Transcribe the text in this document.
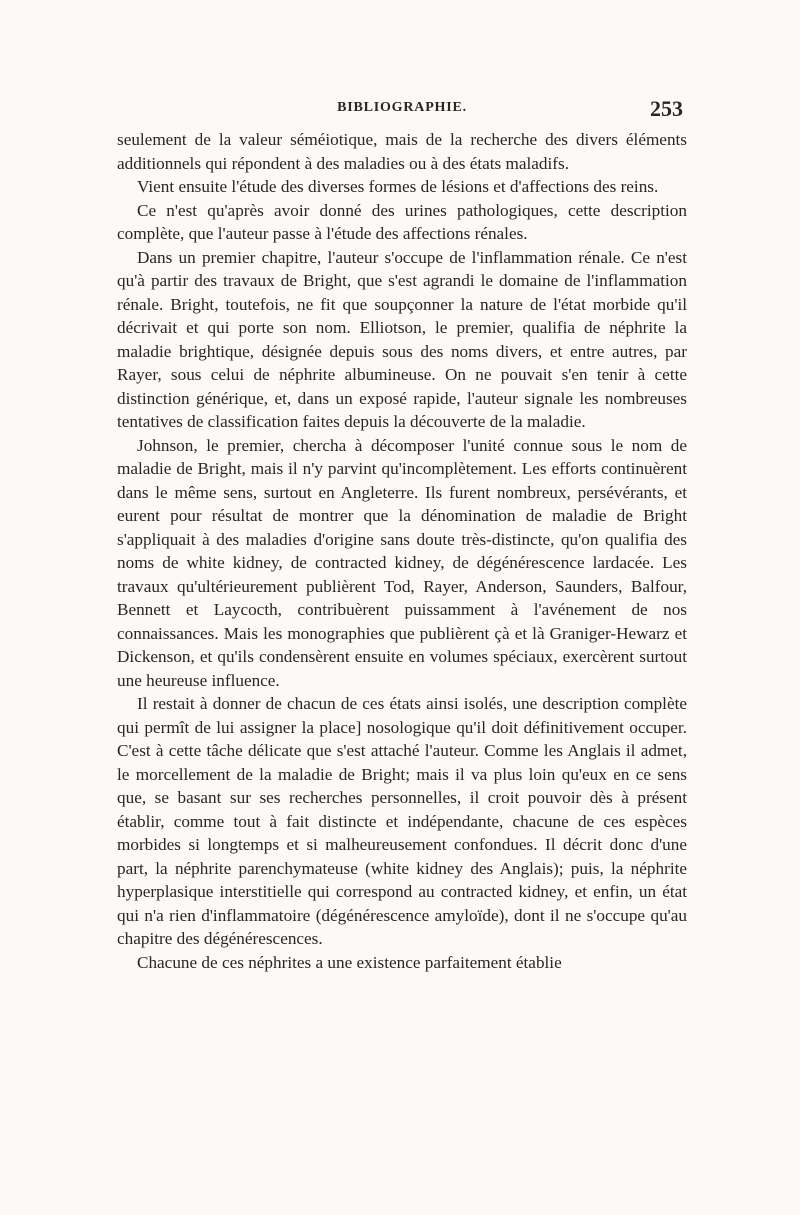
BIBLIOGRAPHIE.	253

seulement de la valeur séméiotique, mais de la recherche des divers éléments additionnels qui répondent à des maladies ou à des états maladifs.

Vient ensuite l'étude des diverses formes de lésions et d'affections des reins.

Ce n'est qu'après avoir donné des urines pathologiques, cette description complète, que l'auteur passe à l'étude des affections rénales.

Dans un premier chapitre, l'auteur s'occupe de l'inflammation rénale. Ce n'est qu'à partir des travaux de Bright, que s'est agrandi le domaine de l'inflammation rénale. Bright, toutefois, ne fit que soupçonner la nature de l'état morbide qu'il décrivait et qui porte son nom. Elliotson, le premier, qualifia de néphrite la maladie brightique, désignée depuis sous des noms divers, et entre autres, par Rayer, sous celui de néphrite albumineuse. On ne pouvait s'en tenir à cette distinction générique, et, dans un exposé rapide, l'auteur signale les nombreuses tentatives de classification faites depuis la découverte de la maladie.

Johnson, le premier, chercha à décomposer l'unité connue sous le nom de maladie de Bright, mais il n'y parvint qu'incomplètement. Les efforts continuèrent dans le même sens, surtout en Angleterre. Ils furent nombreux, persévérants, et eurent pour résultat de montrer que la dénomination de maladie de Bright s'appliquait à des maladies d'origine sans doute très-distincte, qu'on qualifia des noms de white kidney, de contracted kidney, de dégénérescence lardacée. Les travaux qu'ultérieurement publièrent Tod, Rayer, Anderson, Saunders, Balfour, Bennett et Laycocth, contribuèrent puissamment à l'avénement de nos connaissances. Mais les monographies que publièrent çà et là Graniger-Hewarz et Dickenson, et qu'ils condensèrent ensuite en volumes spéciaux, exercèrent surtout une heureuse influence.

Il restait à donner de chacun de ces états ainsi isolés, une description complète qui permît de lui assigner la place] nosologique qu'il doit définitivement occuper. C'est à cette tâche délicate que s'est attaché l'auteur. Comme les Anglais il admet, le morcellement de la maladie de Bright; mais il va plus loin qu'eux en ce sens que, se basant sur ses recherches personnelles, il croit pouvoir dès à présent établir, comme tout à fait distincte et indépendante, chacune de ces espèces morbides si longtemps et si malheureusement confondues. Il décrit donc d'une part, la néphrite parenchymateuse (white kidney des Anglais); puis, la néphrite hyperplasique interstitielle qui correspond au contracted kidney, et enfin, un état qui n'a rien d'inflammatoire (dégénérescence amyloïde), dont il ne s'occupe qu'au chapitre des dégénérescences.

Chacune de ces néphrites a une existence parfaitement établie
